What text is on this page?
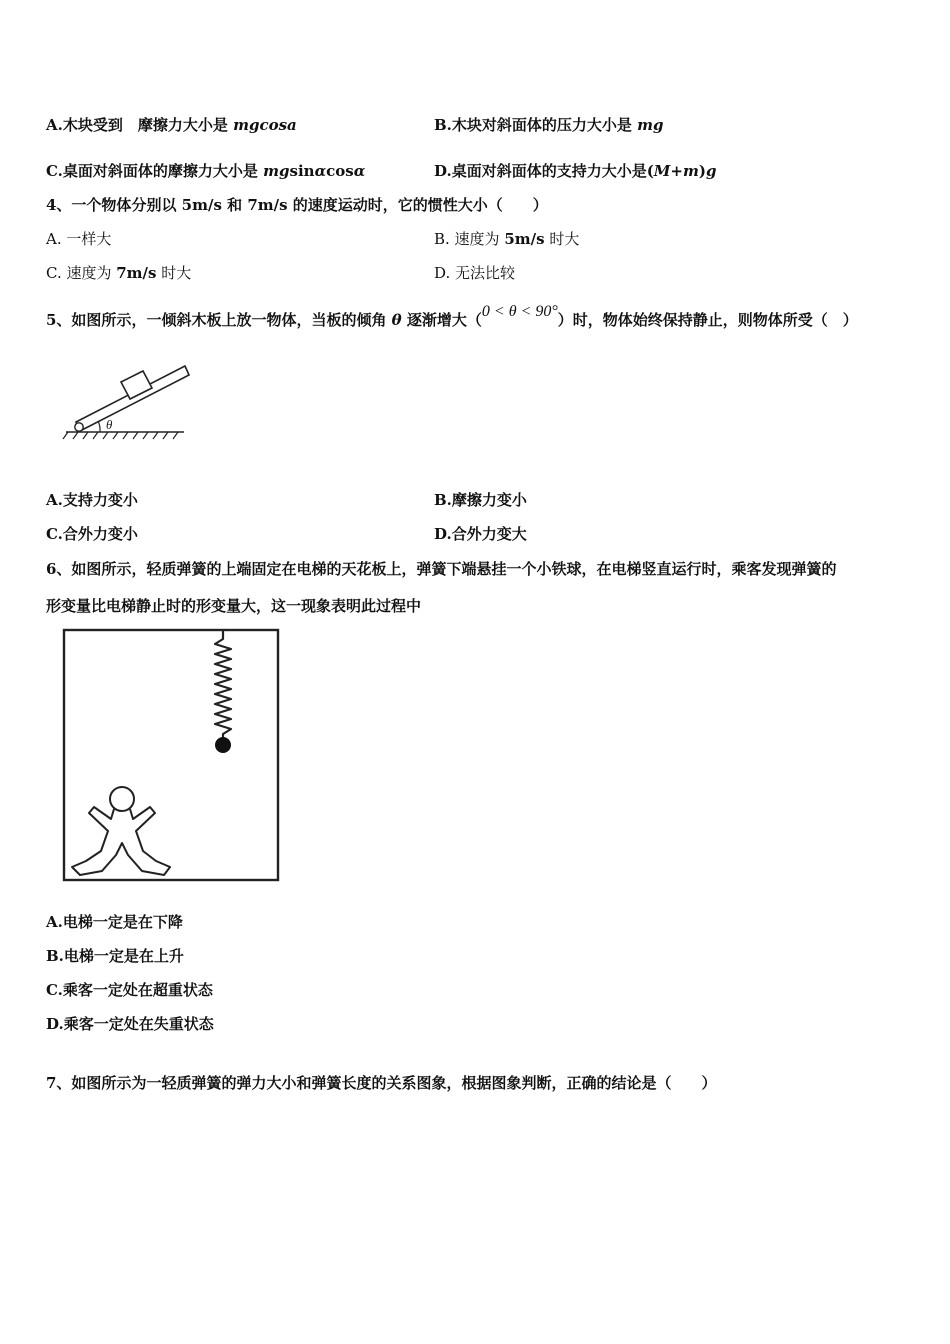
A.木块受到　摩擦力大小是 mgcosa	B.木块对斜面体的压力大小是 mg
C.桌面对斜面体的摩擦力大小是 mgsinαcosα	D.桌面对斜面体的支持力大小是(M+m)g
4、一个物体分别以 5m/s 和 7m/s 的速度运动时，它的惯性大小（　　）
A. 一样大	B. 速度为 5m/s 时大
C. 速度为 7m/s 时大	D. 无法比较
5、如图所示，一倾斜木板上放一物体，当板的倾角 θ 逐渐增大（0 < θ < 90°）时，物体始终保持静止，则物体所受（　）
θ
A.支持力变小	B.摩擦力变小
C.合外力变小	D.合外力变大
6、如图所示，轻质弹簧的上端固定在电梯的天花板上，弹簧下端悬挂一个小铁球，在电梯竖直运行时，乘客发现弹簧的
形变量比电梯静止时的形变量大，这一现象表明此过程中
A.电梯一定是在下降
B.电梯一定是在上升
C.乘客一定处在超重状态
D.乘客一定处在失重状态
7、如图所示为一轻质弹簧的弹力大小和弹簧长度的关系图象，根据图象判断，正确的结论是（　　）
